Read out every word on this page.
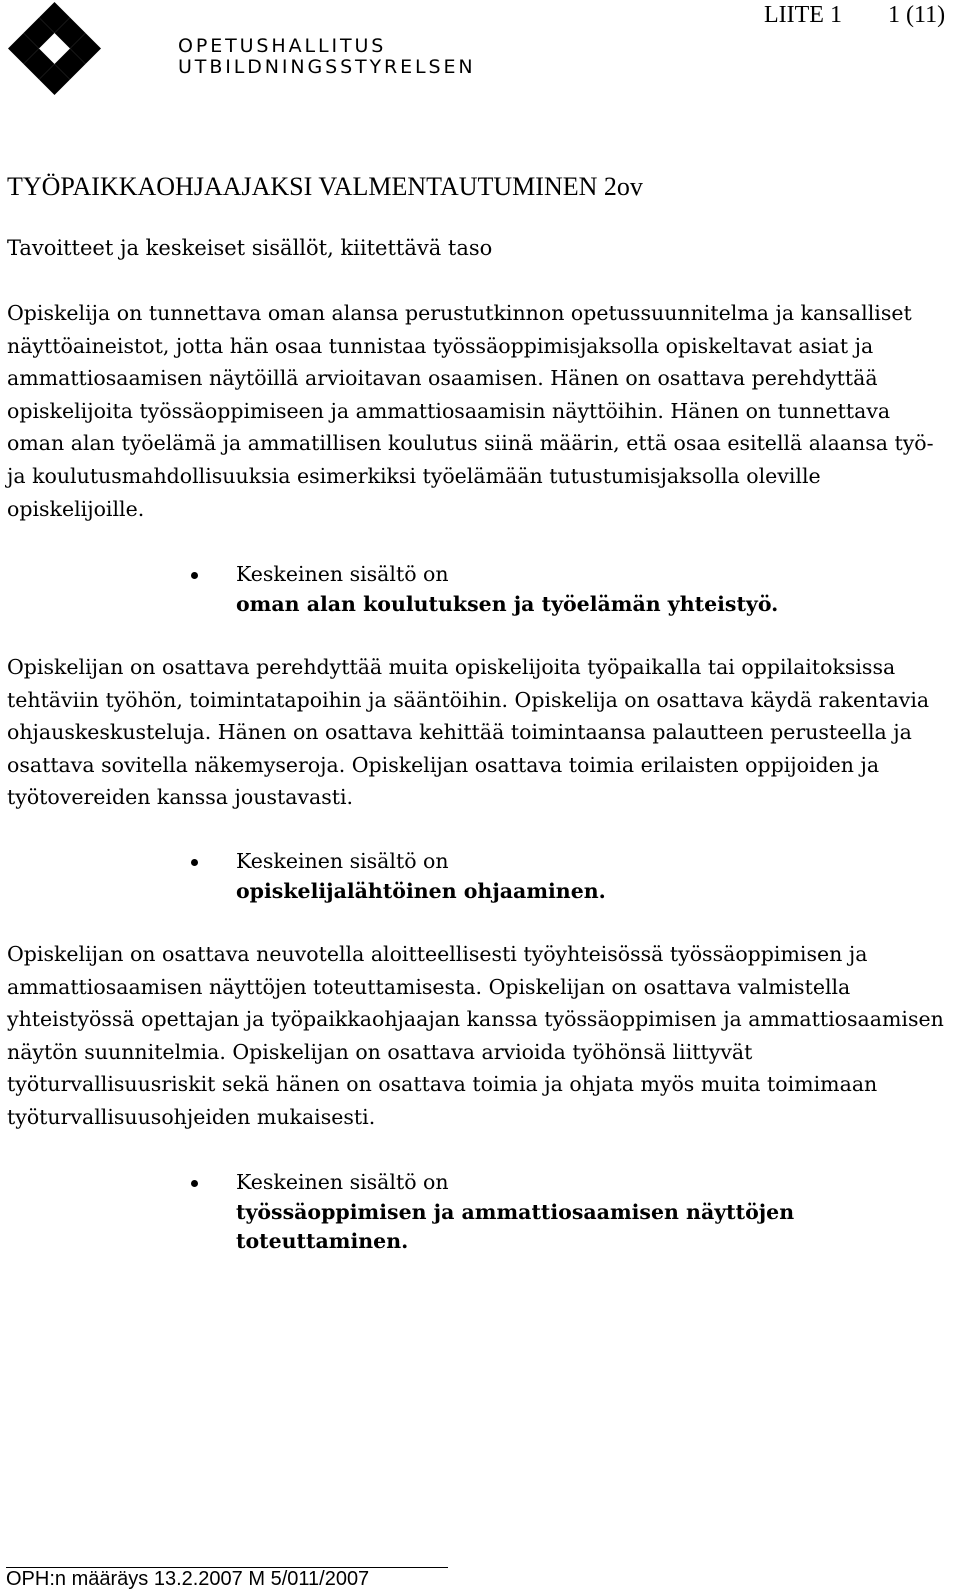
OPETUSHALLITUS
UTBILDNINGSSTYRELSEN
LIITE 1 1 (11)
TYÖPAIKKAOHJAAJAKSI VALMENTAUTUMINEN 2ov
Tavoitteet ja keskeiset sisällöt, kiitettävä taso

Opiskelija on tunnettava oman alansa perustutkinnon opetussuunnitelma ja kansalliset näyttöaineistot, jotta hän osaa tunnistaa työssäoppimisjaksolla opiskeltavat asiat ja ammattiosaamisen näytöillä arvioitavan osaamisen. Hänen on osattava perehdyttää opiskelijoita työssäoppimiseen ja ammattiosaamisin näyttöihin. Hänen on tunnettava oman alan työelämä ja ammatillisen koulutus siinä määrin, että osaa esitellä alaansa työ- ja koulutusmahdollisuuksia esimerkiksi työelämään tutustumisjaksolla oleville opiskelijoille.

Keskeinen sisältö on
oman alan koulutuksen ja työelämän yhteistyö.

Opiskelijan on osattava perehdyttää muita opiskelijoita työpaikalla tai oppilaitoksissa tehtäviin työhön, toimintatapoihin ja sääntöihin. Opiskelija on osattava käydä rakentavia ohjauskeskusteluja. Hänen on osattava kehittää toimintaansa palautteen perusteella ja osattava sovitella näkemyseroja. Opiskelijan osattava toimia erilaisten oppijoiden ja työtovereiden kanssa joustavasti.

Keskeinen sisältö on
opiskelijalähtöinen ohjaaminen.

Opiskelijan on osattava neuvotella aloitteellisesti työyhteisössä työssäoppimisen ja ammattiosaamisen näyttöjen toteuttamisesta. Opiskelijan on osattava valmistella yhteistyössä opettajan ja työpaikkaohjaajan kanssa työssäoppimisen ja ammattiosaamisen näytön suunnitelmia. Opiskelijan on osattava arvioida työhönsä liittyvät työturvallisuusriskit sekä hänen on osattava toimia ja ohjata myös muita toimimaan työturvallisuusohjeiden mukaisesti.

Keskeinen sisältö on
työssäoppimisen ja ammattiosaamisen näyttöjen toteuttaminen.
OPH:n määräys 13.2.2007 M 5/011/2007
